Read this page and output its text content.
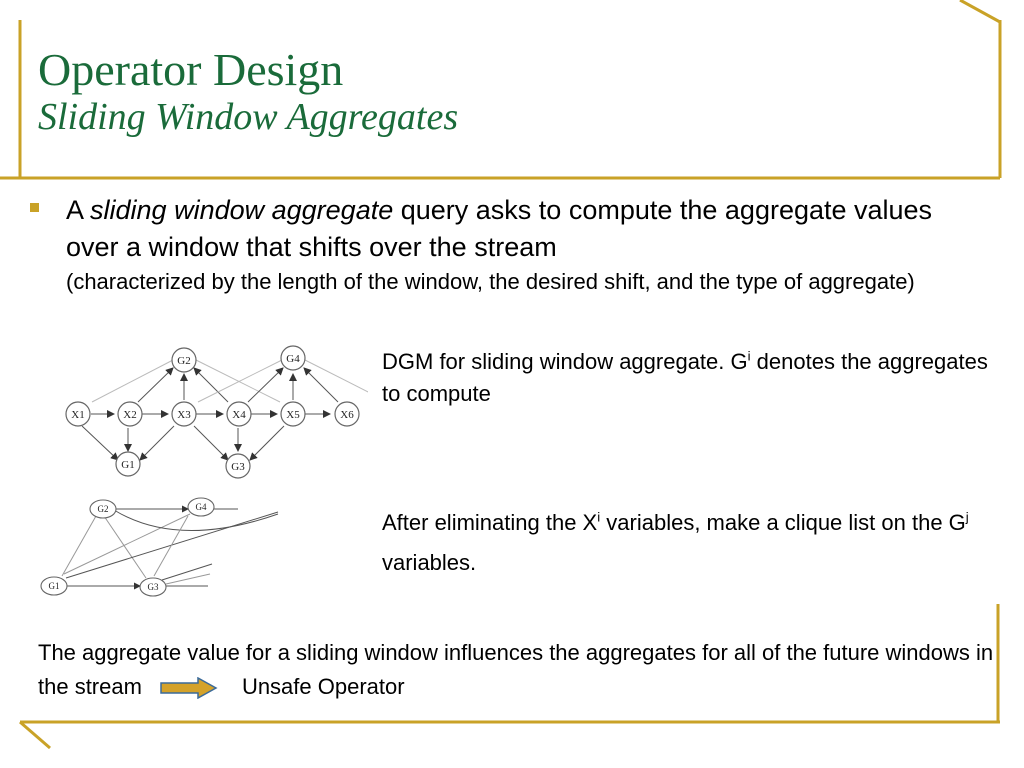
Operator Design
Sliding Window Aggregates
A sliding window aggregate query asks to compute the aggregate values over a window that shifts over the stream
(characterized by the length of the window, the desired shift, and the type of aggregate)
G2	G4
X1	X2	X3	X4	X5	X6
G1	G3
G2	G4
G1	G3
DGM for sliding window aggregate. $G^i$ denotes the aggregates to compute
After eliminating the $X^i$ variables, make a clique list on the $G^j$ variables.
The aggregate value for a sliding window influences the aggregates for all of the future windows in the stream	Unsafe Operator
